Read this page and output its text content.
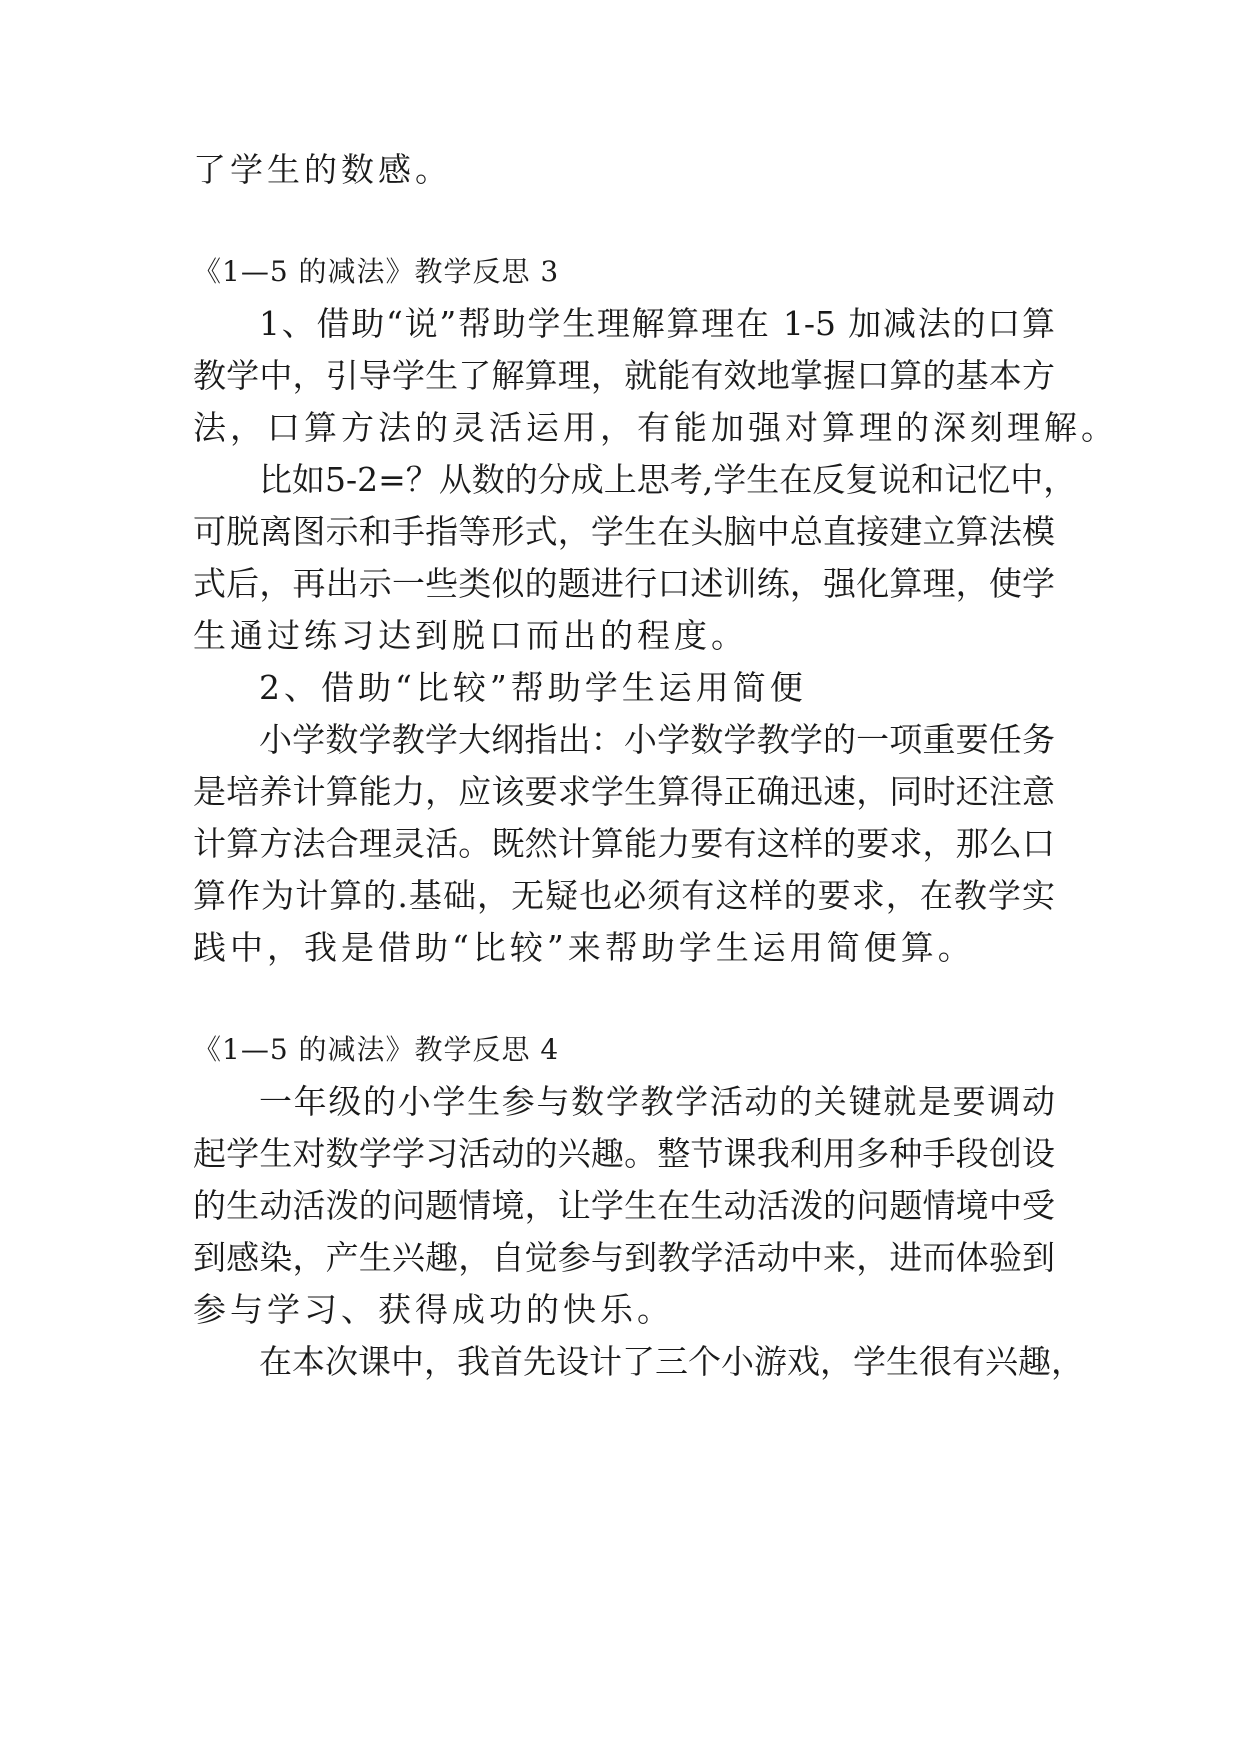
了学生的数感。
《1—5 的减法》教学反思 3
1、借助“说”帮助学生理解算理在 1-5 加减法的口算
教学中，引导学生了解算理，就能有效地掌握口算的基本方
法，口算方法的灵活运用，有能加强对算理的深刻理解。
比如5-2=？从数的分成上思考,学生在反复说和记忆中，
可脱离图示和手指等形式，学生在头脑中总直接建立算法模
式后，再出示一些类似的题进行口述训练，强化算理，使学
生通过练习达到脱口而出的程度。
2、借助“比较”帮助学生运用简便
小学数学教学大纲指出：小学数学教学的一项重要任务
是培养计算能力，应该要求学生算得正确迅速，同时还注意
计算方法合理灵活。既然计算能力要有这样的要求，那么口
算作为计算的.基础，无疑也必须有这样的要求，在教学实
践中，我是借助“比较”来帮助学生运用简便算。
《1—5 的减法》教学反思 4
一年级的小学生参与数学教学活动的关键就是要调动
起学生对数学学习活动的兴趣。整节课我利用多种手段创设
的生动活泼的问题情境，让学生在生动活泼的问题情境中受
到感染，产生兴趣，自觉参与到教学活动中来，进而体验到
参与学习、获得成功的快乐。
在本次课中，我首先设计了三个小游戏，学生很有兴趣，
